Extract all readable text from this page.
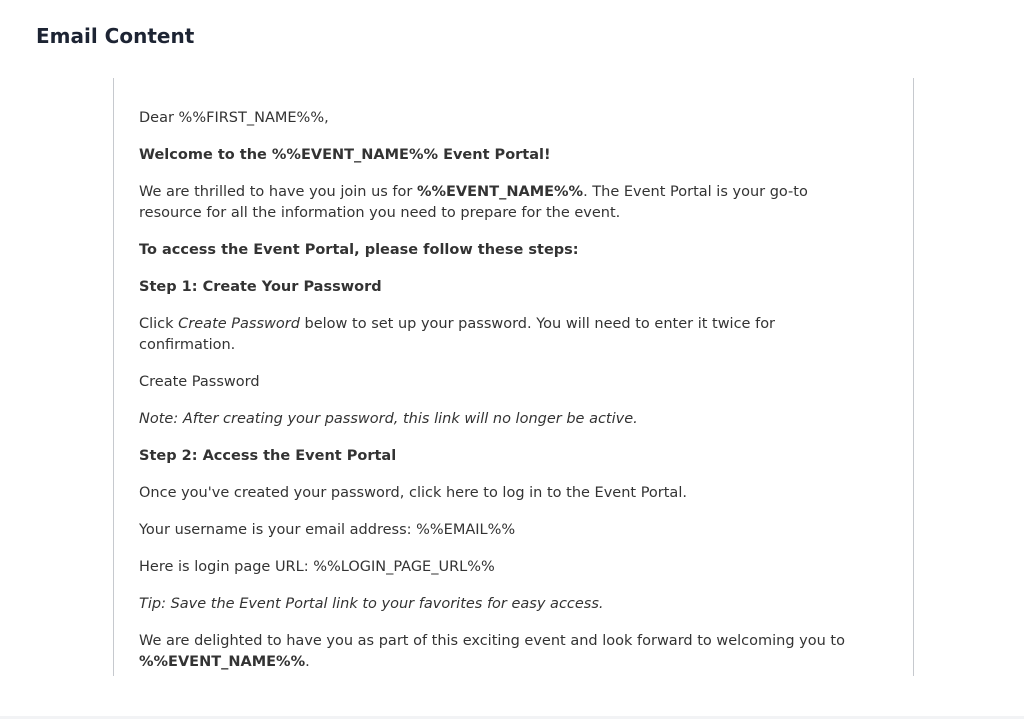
Email Content

Dear %%FIRST_NAME%%,

Welcome to the %%EVENT_NAME%% Event Portal!

We are thrilled to have you join us for %%EVENT_NAME%%. The Event Portal is your go-to resource for all the information you need to prepare for the event.

To access the Event Portal, please follow these steps:

Step 1: Create Your Password

Click Create Password below to set up your password. You will need to enter it twice for confirmation.

Create Password

Note: After creating your password, this link will no longer be active.

Step 2: Access the Event Portal

Once you've created your password, click here to log in to the Event Portal.

Your username is your email address: %%EMAIL%%

Here is login page URL: %%LOGIN_PAGE_URL%%

Tip: Save the Event Portal link to your favorites for easy access.

We are delighted to have you as part of this exciting event and look forward to welcoming you to %%EVENT_NAME%%.
